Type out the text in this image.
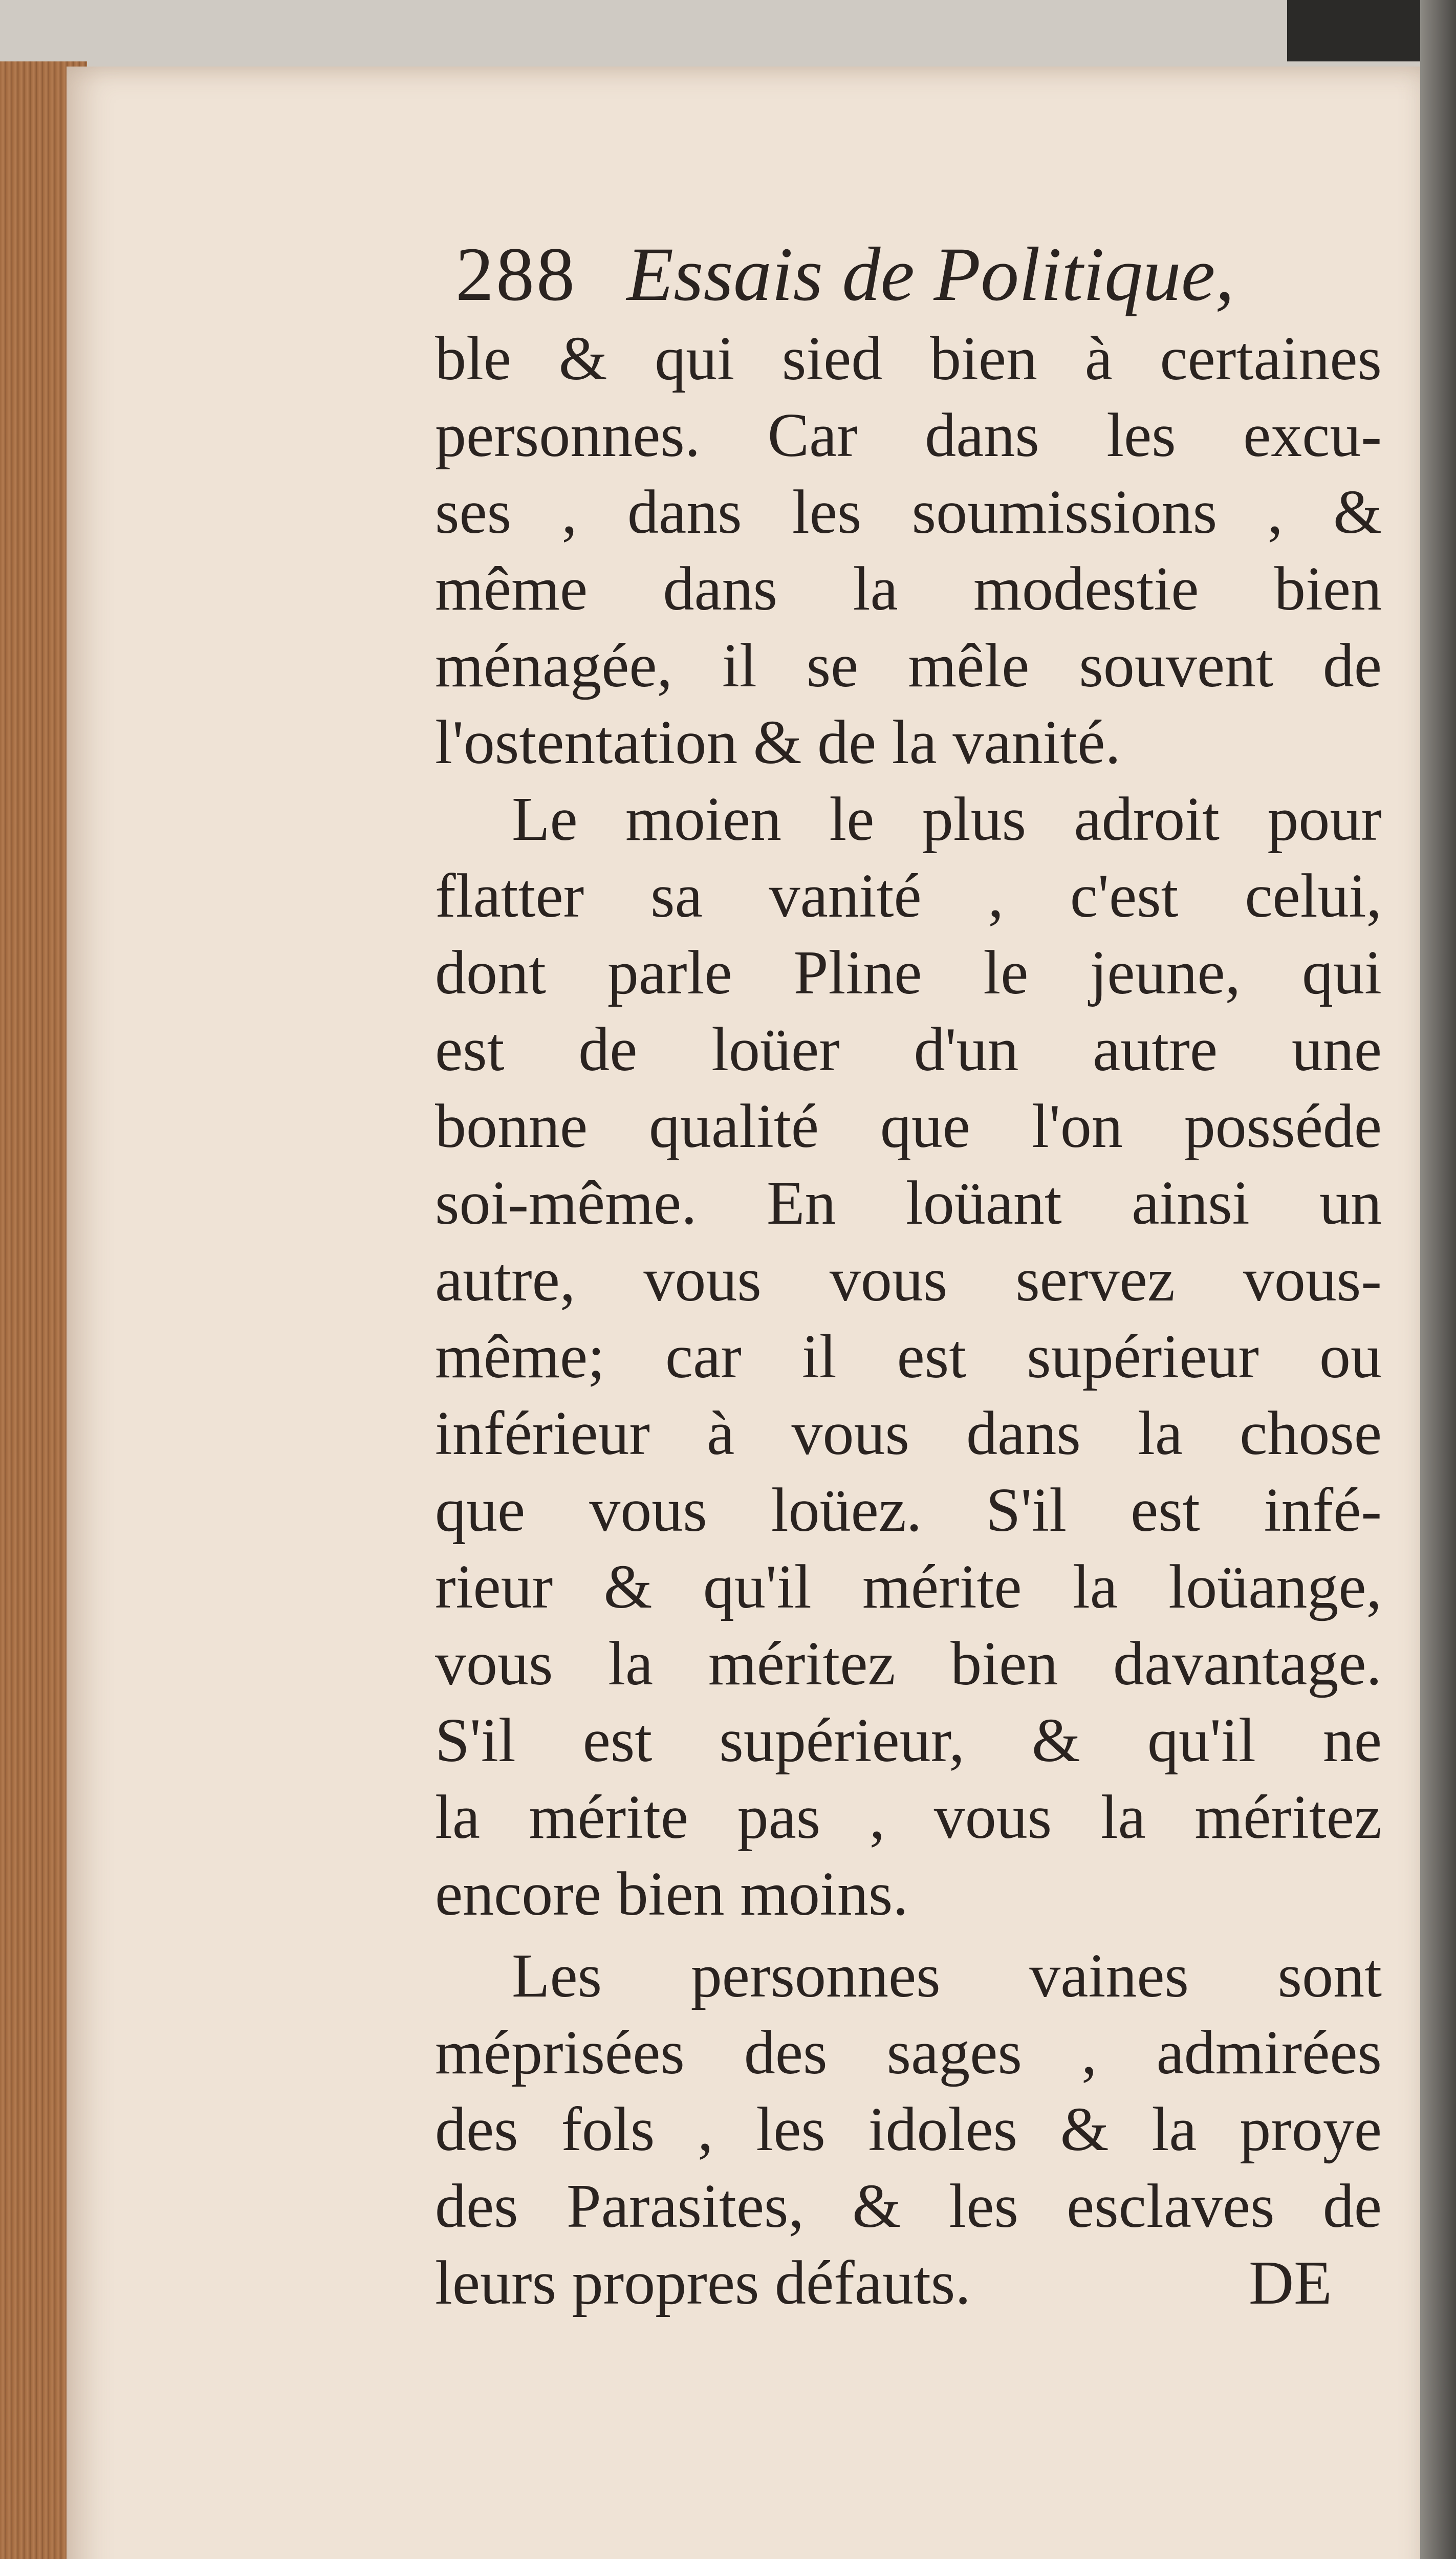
288 Essais de Politique,
ble & qui sied bien à certaines
personnes. Car dans les excu-
ses , dans les soumissions , &
même dans la modestie bien
ménagée, il se mêle souvent de
l'ostentation & de la vanité.
Le moien le plus adroit pour
flatter sa vanité , c'est celui,
dont parle Pline le jeune, qui
est de loüer d'un autre une
bonne qualité que l'on posséde
soi-même. En loüant ainsi un
autre, vous vous servez vous-
même; car il est supérieur ou
inférieur à vous dans la chose
que vous loüez. S'il est infé-
rieur & qu'il mérite la loüange,
vous la méritez bien davantage.
S'il est supérieur, & qu'il ne
la mérite pas , vous la méritez
encore bien moins.
Les personnes vaines sont
méprisées des sages , admirées
des fols , les idoles & la proye
des Parasites, & les esclaves de
leurs propres défauts.	DE
